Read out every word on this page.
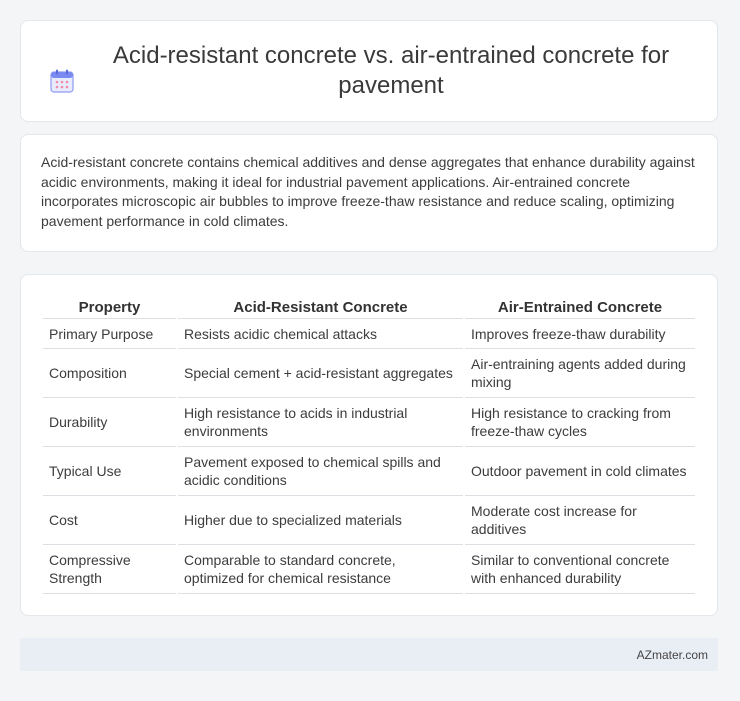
Acid-resistant concrete vs. air-entrained concrete for pavement

Acid-resistant concrete contains chemical additives and dense aggregates that enhance durability against acidic environments, making it ideal for industrial pavement applications. Air-entrained concrete incorporates microscopic air bubbles to improve freeze-thaw resistance and reduce scaling, optimizing pavement performance in cold climates.

Property	Acid-Resistant Concrete	Air-Entrained Concrete
Primary Purpose	Resists acidic chemical attacks	Improves freeze-thaw durability
Composition	Special cement + acid-resistant aggregates	Air-entraining agents added during mixing
Durability	High resistance to acids in industrial environments	High resistance to cracking from freeze-thaw cycles
Typical Use	Pavement exposed to chemical spills and acidic conditions	Outdoor pavement in cold climates
Cost	Higher due to specialized materials	Moderate cost increase for additives
Compressive Strength	Comparable to standard concrete, optimized for chemical resistance	Similar to conventional concrete with enhanced durability
AZmater.com
